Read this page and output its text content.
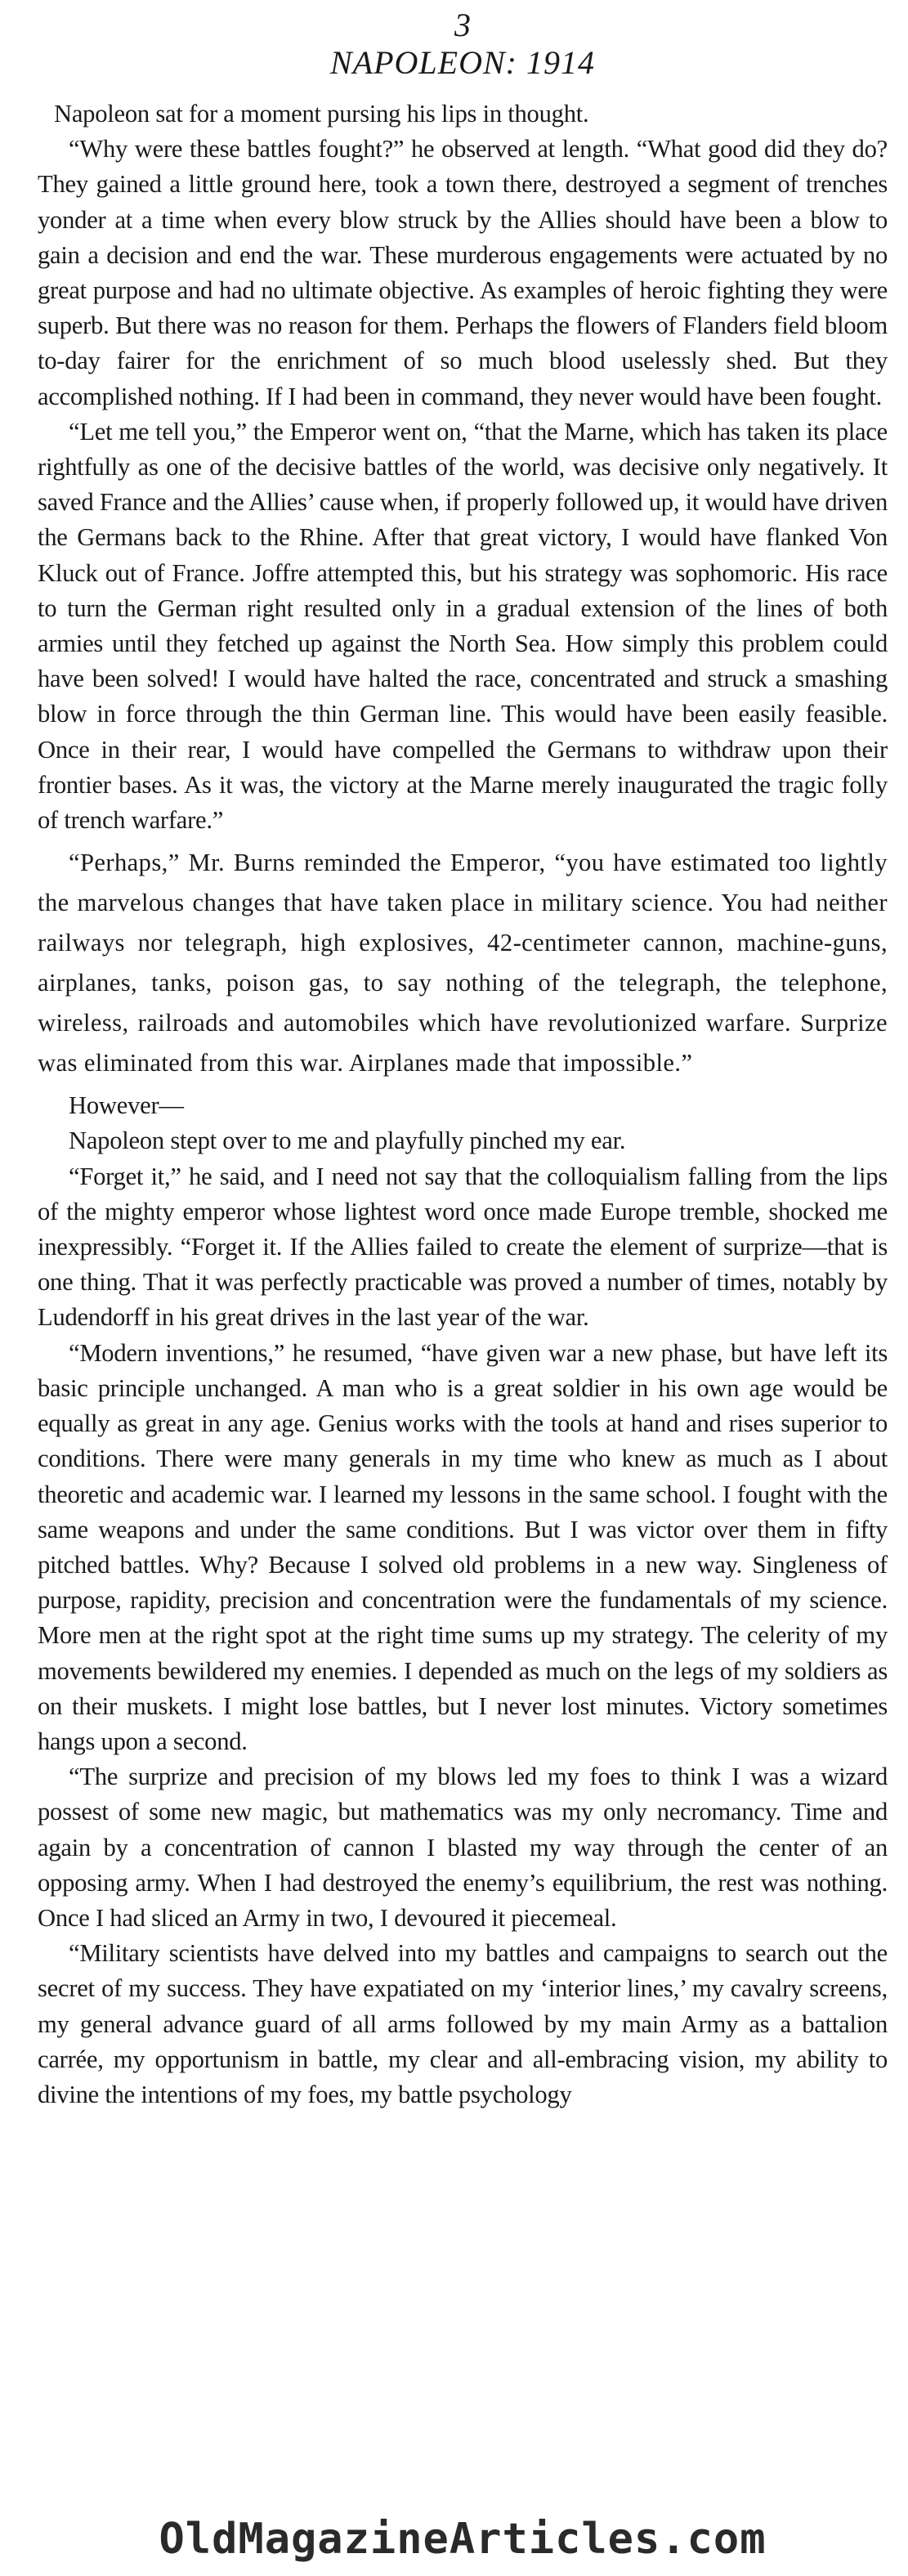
3
NAPOLEON: 1914

Napoleon sat for a moment pursing his lips in thought.

“Why were these battles fought?” he observed at length. “What good did they do? They gained a little ground here, took a town there, destroyed a segment of trenches yonder at a time when every blow struck by the Allies should have been a blow to gain a decision and end the war. These murderous engagements were actuated by no great purpose and had no ultimate objective. As examples of heroic fighting they were superb. But there was no reason for them. Perhaps the flowers of Flanders field bloom to-day fairer for the enrichment of so much blood uselessly shed. But they accomplished nothing. If I had been in command, they never would have been fought.

“Let me tell you,” the Emperor went on, “that the Marne, which has taken its place rightfully as one of the decisive battles of the world, was decisive only negatively. It saved France and the Allies’ cause when, if properly followed up, it would have driven the Germans back to the Rhine. After that great victory, I would have flanked Von Kluck out of France. Joffre attempted this, but his strategy was sophomoric. His race to turn the German right resulted only in a gradual extension of the lines of both armies until they fetched up against the North Sea. How simply this problem could have been solved! I would have halted the race, concentrated and struck a smashing blow in force through the thin German line. This would have been easily feasible. Once in their rear, I would have compelled the Germans to withdraw upon their frontier bases. As it was, the victory at the Marne merely inaugurated the tragic folly of trench warfare.”

“Perhaps,” Mr. Burns reminded the Emperor, “you have estimated too lightly the marvelous changes that have taken place in military science. You had neither railways nor telegraph, high explosives, 42-centimeter cannon, machine-guns, airplanes, tanks, poison gas, to say nothing of the telegraph, the telephone, wireless, railroads and automobiles which have revolutionized warfare. Surprize was eliminated from this war. Airplanes made that impossible.”

However—

Napoleon stept over to me and playfully pinched my ear.

“Forget it,” he said, and I need not say that the colloquialism falling from the lips of the mighty emperor whose lightest word once made Europe tremble, shocked me inexpressibly. “Forget it. If the Allies failed to create the element of surprize—that is one thing. That it was perfectly practicable was proved a number of times, notably by Ludendorff in his great drives in the last year of the war.

“Modern inventions,” he resumed, “have given war a new phase, but have left its basic principle unchanged. A man who is a great soldier in his own age would be equally as great in any age. Genius works with the tools at hand and rises superior to conditions. There were many generals in my time who knew as much as I about theoretic and academic war. I learned my lessons in the same school. I fought with the same weapons and under the same conditions. But I was victor over them in fifty pitched battles. Why? Because I solved old problems in a new way. Singleness of purpose, rapidity, precision and concentration were the fundamentals of my science. More men at the right spot at the right time sums up my strategy. The celerity of my movements bewildered my enemies. I depended as much on the legs of my soldiers as on their muskets. I might lose battles, but I never lost minutes. Victory sometimes hangs upon a second.

“The surprize and precision of my blows led my foes to think I was a wizard possest of some new magic, but mathematics was my only necromancy. Time and again by a concentration of cannon I blasted my way through the center of an opposing army. When I had destroyed the enemy’s equilibrium, the rest was nothing. Once I had sliced an Army in two, I devoured it piecemeal.

“Military scientists have delved into my battles and campaigns to search out the secret of my success. They have expatiated on my ‘interior lines,’ my cavalry screens, my general advance guard of all arms followed by my main Army as a battalion carrée, my opportunism in battle, my clear and all-embracing vision, my ability to divine the intentions of my foes, my battle psychology

OldMagazineArticles.com
